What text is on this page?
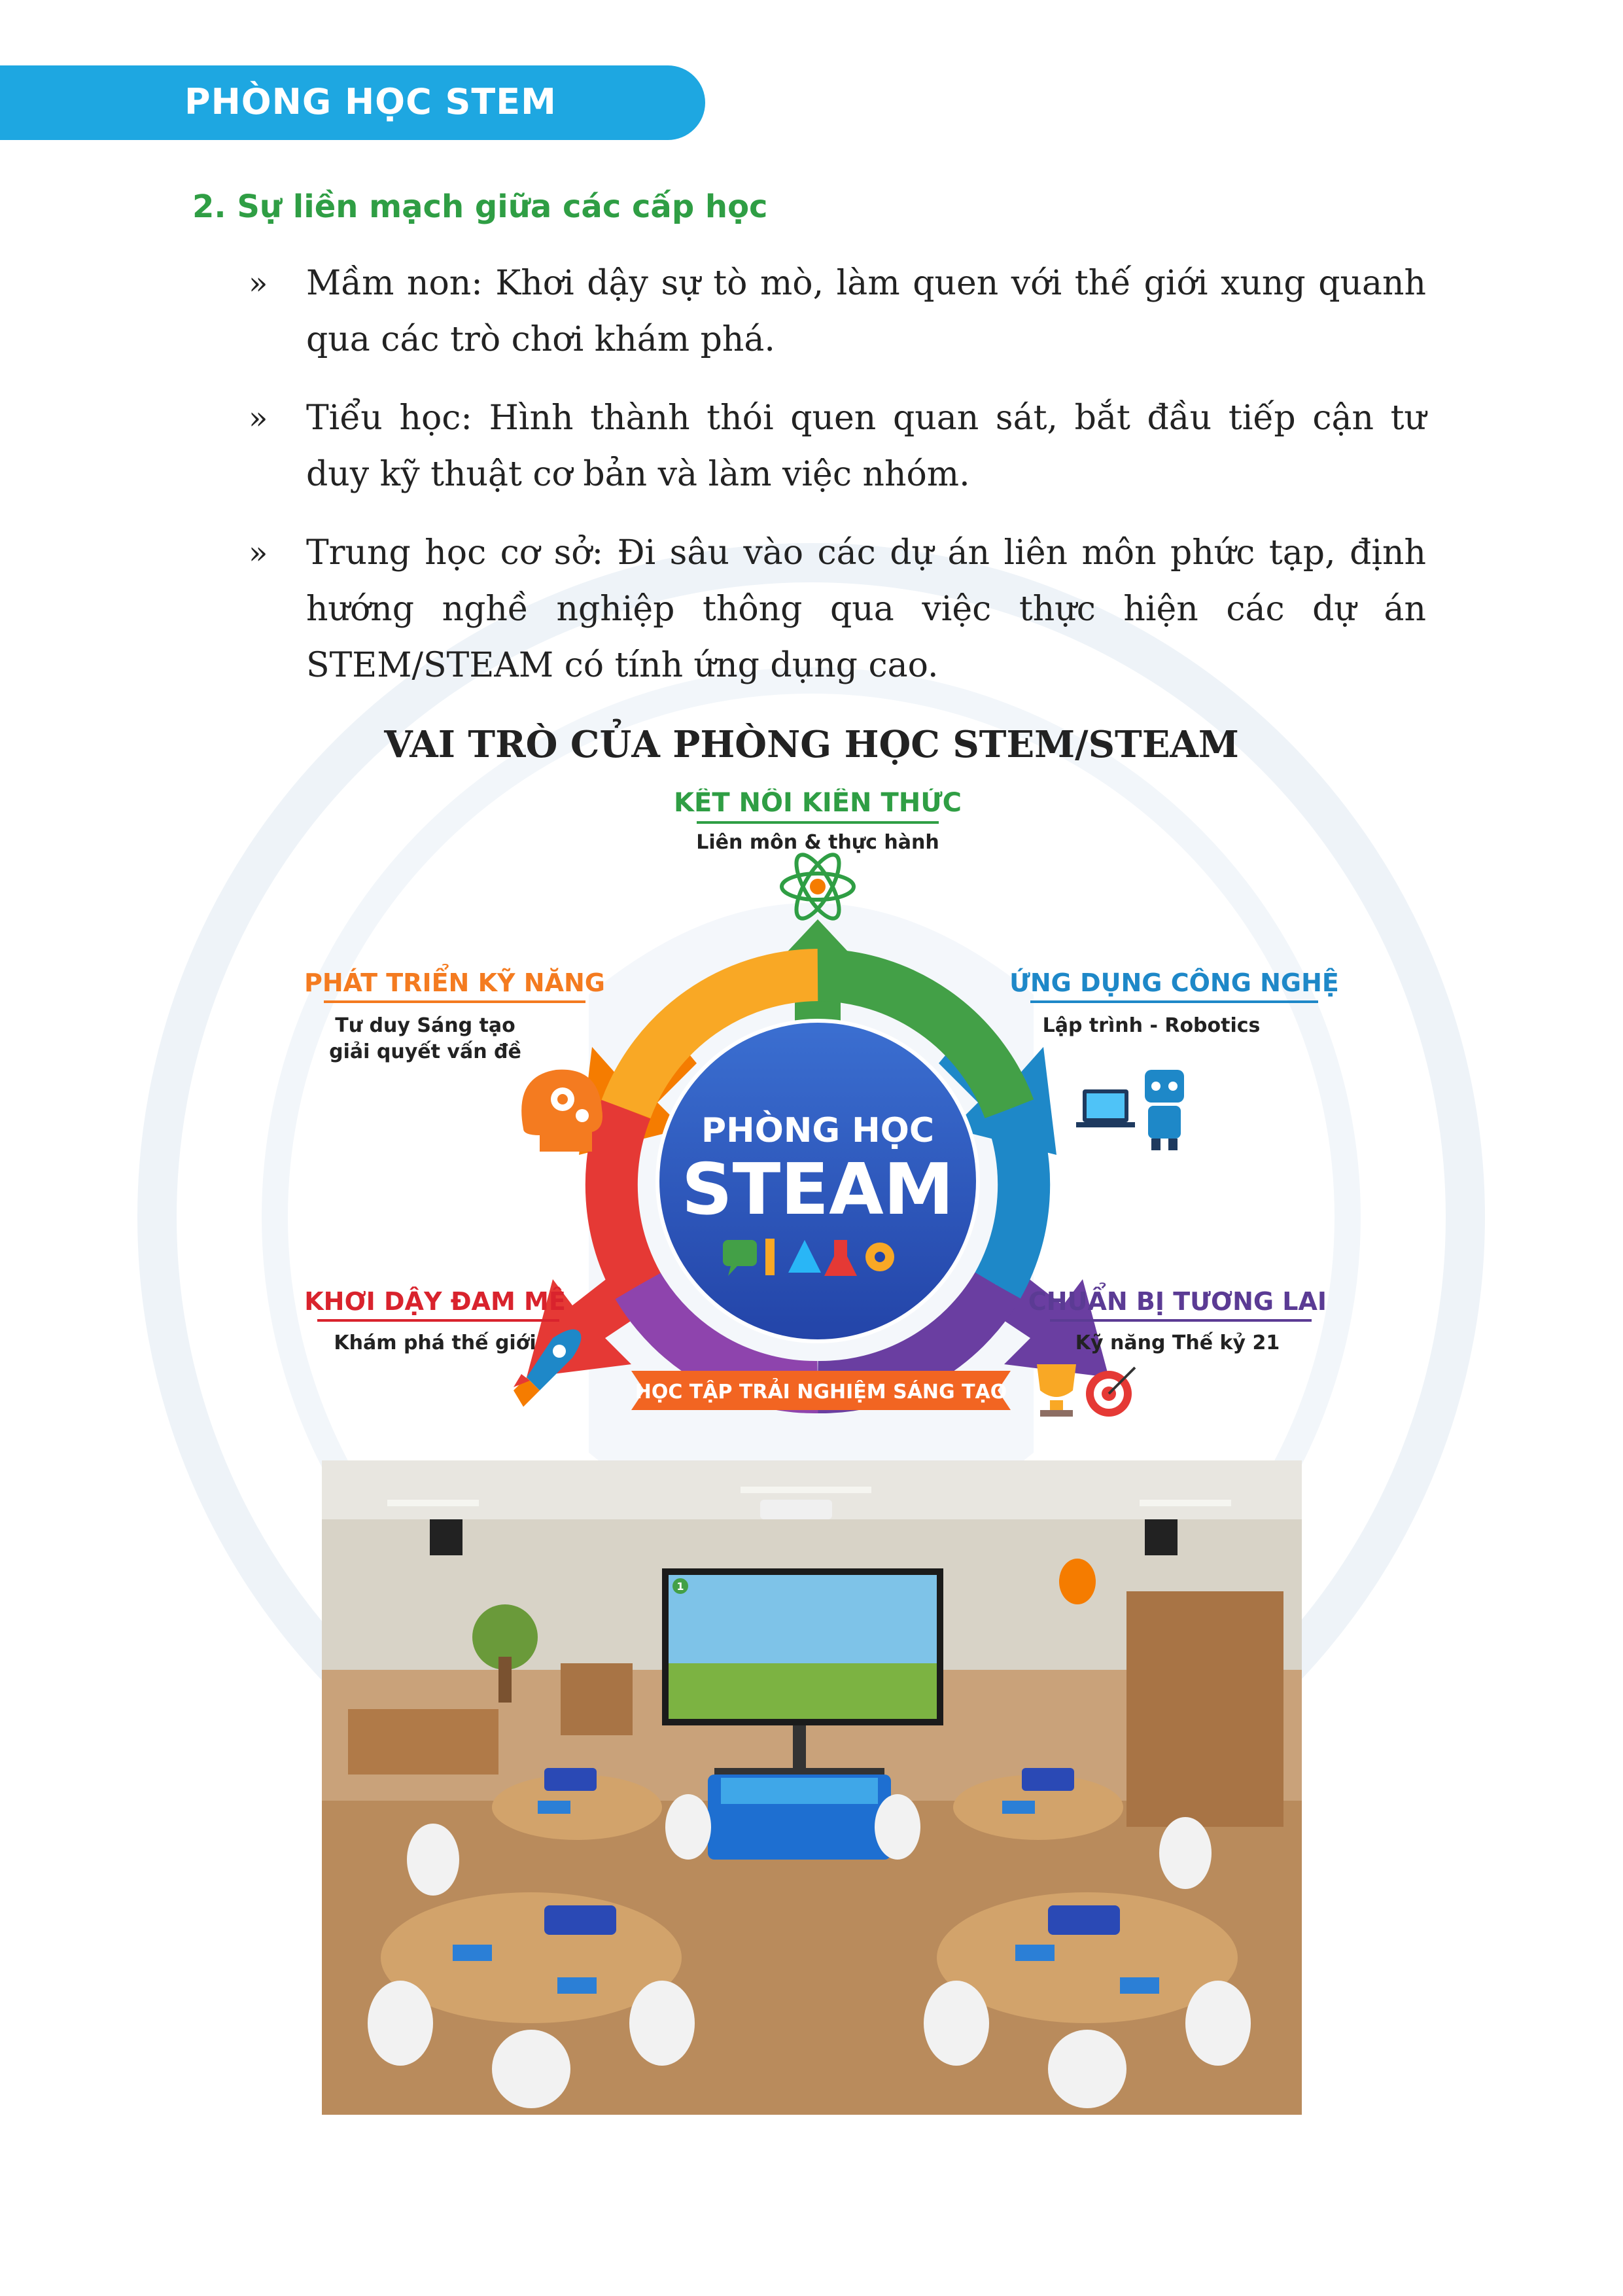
PHÒNG HỌC STEM
2. Sự liền mạch giữa các cấp học
» Mầm non: Khơi dậy sự tò mò, làm quen với thế giới xung quanh qua các trò chơi khám phá.
» Tiểu học: Hình thành thói quen quan sát, bắt đầu tiếp cận tư duy kỹ thuật cơ bản và làm việc nhóm.
» Trung học cơ sở: Đi sâu vào các dự án liên môn phức tạp, định hướng nghề nghiệp thông qua việc thực hiện các dự án STEM/STEAM có tính ứng dụng cao.
VAI TRÒ CỦA PHÒNG HỌC STEM/STEAM
PHÒNG HỌC
STEAM
KẾT NỐI KIẾN THỨC
Liên môn & thực hành
PHÁT TRIỂN KỸ NĂNG
Tư duy Sáng tạo
giải quyết vấn đề
ỨNG DỤNG CÔNG NGHỆ
Lập trình - Robotics
KHƠI DẬY ĐAM MÊ
Khám phá thế giới
CHUẨN BỊ TƯƠNG LAI
Kỹ năng Thế kỷ 21
HỌC TẬP TRẢI NGHIỆM SÁNG TẠO
1
